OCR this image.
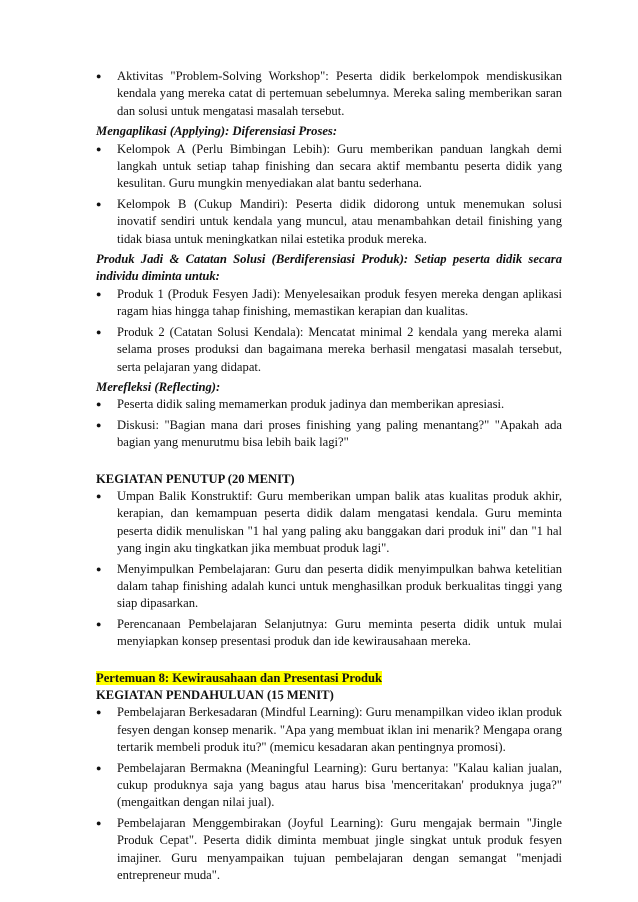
● Aktivitas "Problem-Solving Workshop": Peserta didik berkelompok mendiskusikan kendala yang mereka catat di pertemuan sebelumnya. Mereka saling memberikan saran dan solusi untuk mengatasi masalah tersebut.

Mengaplikasi (Applying): Diferensiasi Proses:

● Kelompok A (Perlu Bimbingan Lebih): Guru memberikan panduan langkah demi langkah untuk setiap tahap finishing dan secara aktif membantu peserta didik yang kesulitan. Guru mungkin menyediakan alat bantu sederhana.
● Kelompok B (Cukup Mandiri): Peserta didik didorong untuk menemukan solusi inovatif sendiri untuk kendala yang muncul, atau menambahkan detail finishing yang tidak biasa untuk meningkatkan nilai estetika produk mereka.

Produk Jadi & Catatan Solusi (Berdiferensiasi Produk): Setiap peserta didik secara individu diminta untuk:

● Produk 1 (Produk Fesyen Jadi): Menyelesaikan produk fesyen mereka dengan aplikasi ragam hias hingga tahap finishing, memastikan kerapian dan kualitas.
● Produk 2 (Catatan Solusi Kendala): Mencatat minimal 2 kendala yang mereka alami selama proses produksi dan bagaimana mereka berhasil mengatasi masalah tersebut, serta pelajaran yang didapat.

Merefleksi (Reflecting):

● Peserta didik saling memamerkan produk jadinya dan memberikan apresiasi.
● Diskusi: "Bagian mana dari proses finishing yang paling menantang?" "Apakah ada bagian yang menurutmu bisa lebih baik lagi?"

KEGIATAN PENUTUP (20 MENIT)

● Umpan Balik Konstruktif: Guru memberikan umpan balik atas kualitas produk akhir, kerapian, dan kemampuan peserta didik dalam mengatasi kendala. Guru meminta peserta didik menuliskan "1 hal yang paling aku banggakan dari produk ini" dan "1 hal yang ingin aku tingkatkan jika membuat produk lagi".
● Menyimpulkan Pembelajaran: Guru dan peserta didik menyimpulkan bahwa ketelitian dalam tahap finishing adalah kunci untuk menghasilkan produk berkualitas tinggi yang siap dipasarkan.
● Perencanaan Pembelajaran Selanjutnya: Guru meminta peserta didik untuk mulai menyiapkan konsep presentasi produk dan ide kewirausahaan mereka.

Pertemuan 8: Kewirausahaan dan Presentasi Produk

KEGIATAN PENDAHULUAN (15 MENIT)

● Pembelajaran Berkesadaran (Mindful Learning): Guru menampilkan video iklan produk fesyen dengan konsep menarik. "Apa yang membuat iklan ini menarik? Mengapa orang tertarik membeli produk itu?" (memicu kesadaran akan pentingnya promosi).
● Pembelajaran Bermakna (Meaningful Learning): Guru bertanya: "Kalau kalian jualan, cukup produknya saja yang bagus atau harus bisa 'menceritakan' produknya juga?" (mengaitkan dengan nilai jual).
● Pembelajaran Menggembirakan (Joyful Learning): Guru mengajak bermain "Jingle Produk Cepat". Peserta didik diminta membuat jingle singkat untuk produk fesyen imajiner. Guru menyampaikan tujuan pembelajaran dengan semangat "menjadi entrepreneur muda".
